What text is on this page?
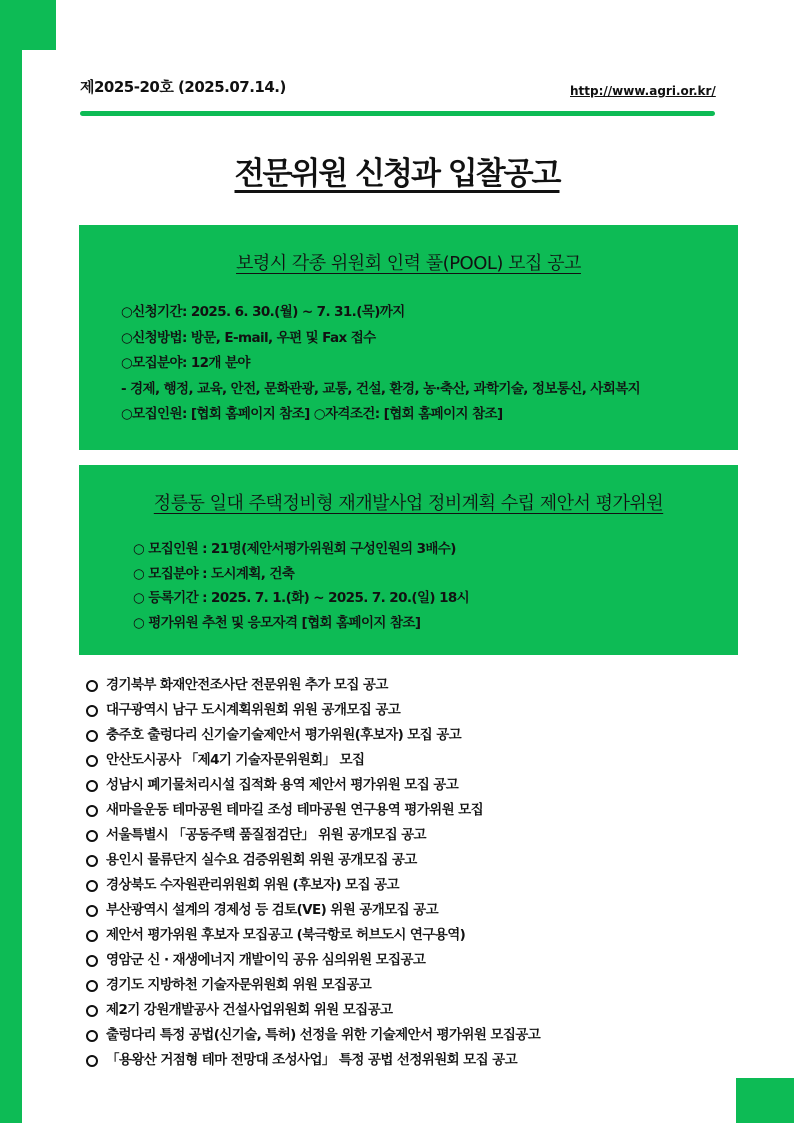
제2025-20호 (2025.07.14.)	http://www.agri.or.kr/
전문위원 신청과 입찰공고
보령시 각종 위원회 인력 풀(POOL) 모집 공고
○신청기간: 2025. 6. 30.(월) ~ 7. 31.(목)까지
○신청방법: 방문, E-mail, 우편 및 Fax 접수
○모집분야: 12개 분야
- 경제, 행정, 교육, 안전, 문화관광, 교통, 건설, 환경, 농·축산, 과학기술, 정보통신, 사회복지
○모집인원: [협회 홈페이지 참조] ○자격조건: [협회 홈페이지 참조]
정릉동 일대 주택정비형 재개발사업 정비계획 수립 제안서 평가위원
○ 모집인원 : 21명(제안서평가위원회 구성인원의 3배수)
○ 모집분야 : 도시계획, 건축
○ 등록기간 : 2025. 7. 1.(화) ~ 2025. 7. 20.(일) 18시
○ 평가위원 추천 및 응모자격 [협회 홈페이지 참조]
경기북부 화재안전조사단 전문위원 추가 모집 공고
대구광역시 남구 도시계획위원회 위원 공개모집 공고
충주호 출렁다리 신기술기술제안서 평가위원(후보자) 모집 공고
안산도시공사 「제4기 기술자문위원회」 모집
성남시 폐기물처리시설 집적화 용역 제안서 평가위원 모집 공고
새마을운동 테마공원 테마길 조성 테마공원 연구용역 평가위원 모집
서울특별시 「공동주택 품질점검단」 위원 공개모집 공고
용인시 물류단지 실수요 검증위원회 위원 공개모집 공고
경상북도 수자원관리위원회 위원 (후보자) 모집 공고
부산광역시 설계의 경제성 등 검토(VE) 위원 공개모집 공고
제안서 평가위원 후보자 모집공고 (북극항로 허브도시 연구용역)
영암군 신 · 재생에너지 개발이익 공유 심의위원 모집공고
경기도 지방하천 기술자문위원회 위원 모집공고
제2기 강원개발공사 건설사업위원회 위원 모집공고
출렁다리 특정 공법(신기술, 특허) 선정을 위한 기술제안서 평가위원 모집공고
「용왕산 거점형 테마 전망대 조성사업」 특정 공법 선정위원회 모집 공고
